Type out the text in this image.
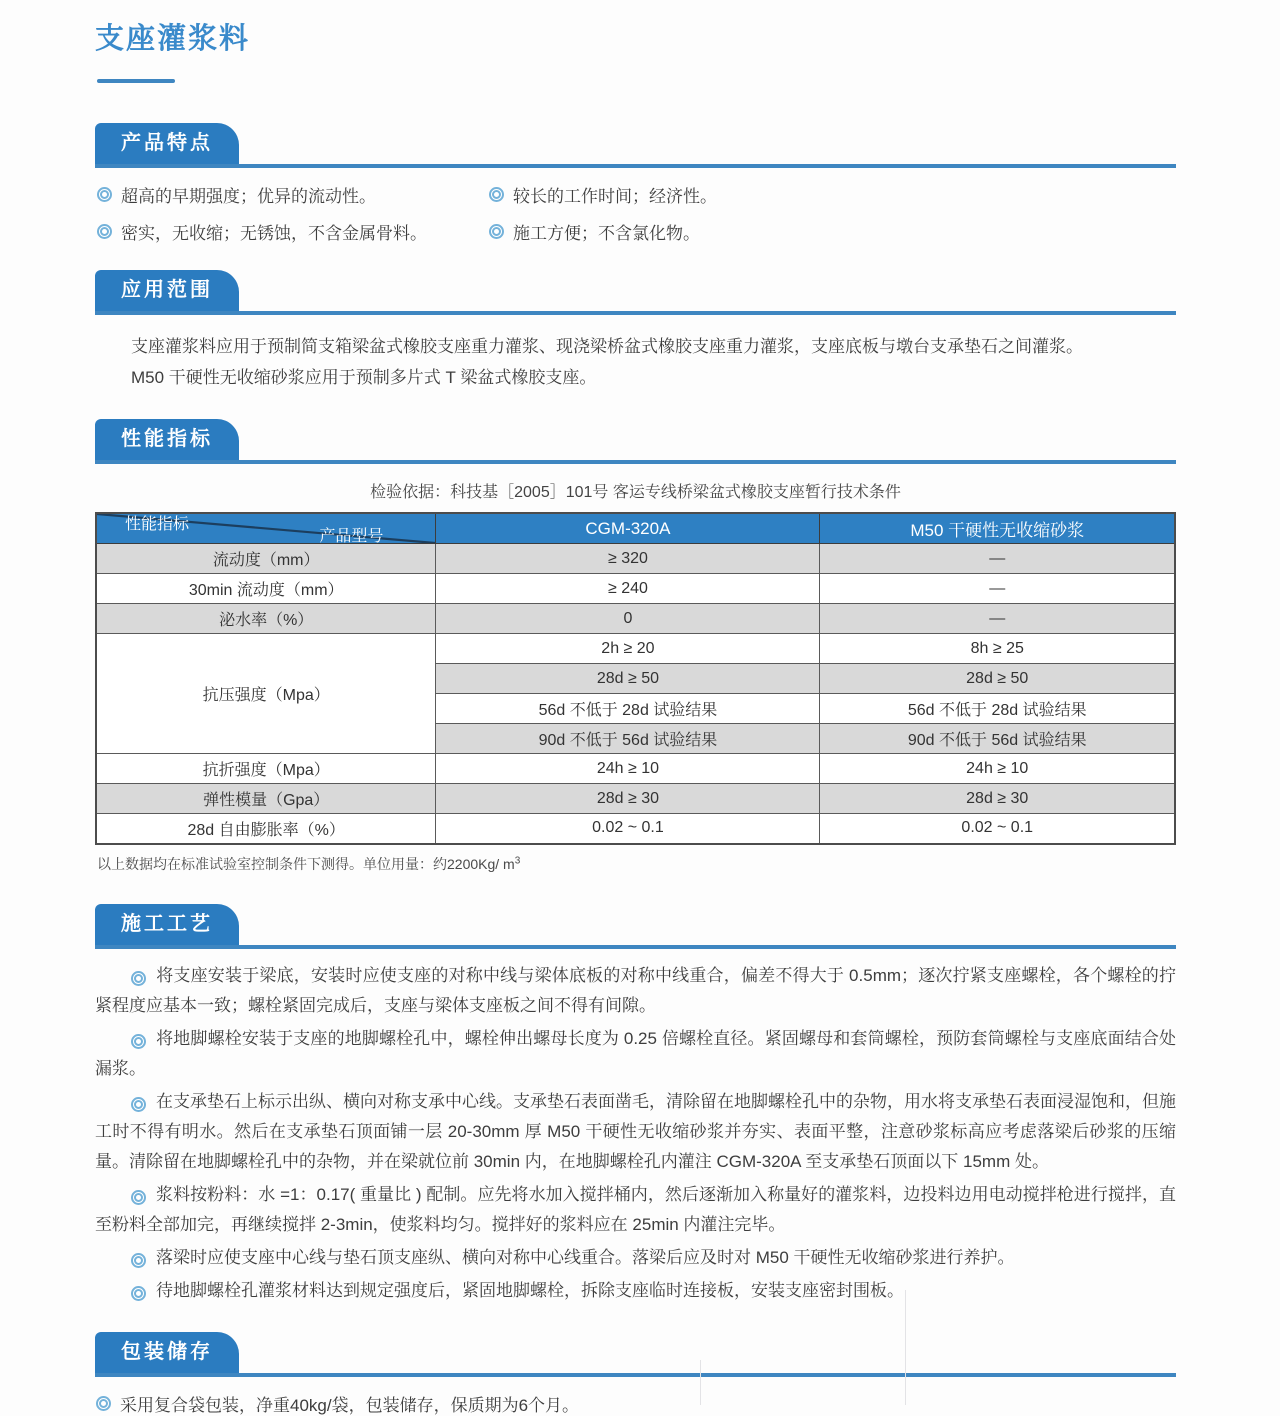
支座灌浆料
产品特点
超高的早期强度；优异的流动性。	较长的工作时间；经济性。
密实，无收缩；无锈蚀，不含金属骨料。	施工方便；不含氯化物。
应用范围

支座灌浆料应用于预制简支箱梁盆式橡胶支座重力灌浆、现浇梁桥盆式橡胶支座重力灌浆，支座底板与墩台支承垫石之间灌浆。

M50 干硬性无收缩砂浆应用于预制多片式 T 梁盆式橡胶支座。

性能指标
检验依据：科技基［2005］101号 客运专线桥梁盆式橡胶支座暂行技术条件
产品型号
性能指标	CGM-320A	M50 干硬性无收缩砂浆
流动度（mm）	≥ 320	—
30min 流动度（mm）	≥ 240	—
泌水率（%）	0	—
抗压强度（Mpa）	2h ≥ 20	8h ≥ 25
	28d ≥ 50	28d ≥ 50
	56d 不低于 28d 试验结果	56d 不低于 28d 试验结果
	90d 不低于 56d 试验结果	90d 不低于 56d 试验结果
抗折强度（Mpa）	24h ≥ 10	24h ≥ 10
弹性模量（Gpa）	28d ≥ 30	28d ≥ 30
28d 自由膨胀率（%）	0.02 ~ 0.1	0.02 ~ 0.1
以上数据均在标准试验室控制条件下测得。单位用量：约2200Kg/ $m^3$
施工工艺

将支座安装于梁底，安装时应使支座的对称中线与梁体底板的对称中线重合，偏差不得大于 0.5mm；逐次拧紧支座螺栓，各个螺栓的拧紧程度应基本一致；螺栓紧固完成后，支座与梁体支座板之间不得有间隙。

将地脚螺栓安装于支座的地脚螺栓孔中，螺栓伸出螺母长度为 0.25 倍螺栓直径。紧固螺母和套筒螺栓，预防套筒螺栓与支座底面结合处漏浆。

在支承垫石上标示出纵、横向对称支承中心线。支承垫石表面凿毛，清除留在地脚螺栓孔中的杂物，用水将支承垫石表面浸湿饱和，但施工时不得有明水。然后在支承垫石顶面铺一层 20-30mm 厚 M50 干硬性无收缩砂浆并夯实、表面平整，注意砂浆标高应考虑落梁后砂浆的压缩量。清除留在地脚螺栓孔中的杂物，并在梁就位前 30min 内，在地脚螺栓孔内灌注 CGM-320A 至支承垫石顶面以下 15mm 处。

浆料按粉料：水 =1：0.17( 重量比 ) 配制。应先将水加入搅拌桶内，然后逐渐加入称量好的灌浆料，边投料边用电动搅拌枪进行搅拌，直至粉料全部加完，再继续搅拌 2-3min，使浆料均匀。搅拌好的浆料应在 25min 内灌注完毕。

落梁时应使支座中心线与垫石顶支座纵、横向对称中心线重合。落梁后应及时对 M50 干硬性无收缩砂浆进行养护。

待地脚螺栓孔灌浆材料达到规定强度后，紧固地脚螺栓，拆除支座临时连接板，安装支座密封围板。

包装储存
采用复合袋包装，净重40kg/袋，包装储存，保质期为6个月。
